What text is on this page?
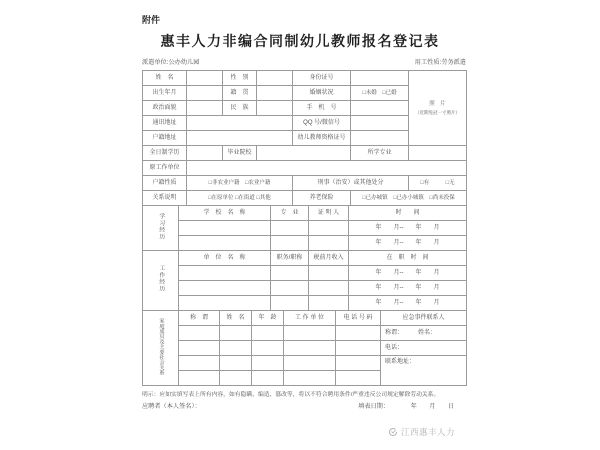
附件
惠丰人力非编合同制幼儿教师报名登记表
派遣单位:公办幼儿园	用工性质:劳务派遣
姓　名		性　别		身份证号		照　片
（近期免冠一寸照片）

出生年月		籍　贯		婚姻状况	□未婚　□已婚	
政治面貌		民　族		手　机　号		
通讯地址				QQ 号/微信号		
户籍地址				幼儿教师资格证号		
全日制学历		毕业院校			所学专业	
原工作单位						
户籍性质	□非农业户籍　□农业户籍			刑事（治安）或其他处分		□有　　　□无
关系说明	□在原单位 □在街道 □其他			养老保险	□已办城镇　□已办小城镇　□尚未投保	
学习经历	学　校　名　称	专　业	证 明 人	时　　间
				年　　月--　　年　　月
				年　　月--　　年　　月
工作经历	单　位　名　称	职务/职称	税前月收入	在　职　时　间
				年　　月--　　年　　月
				年　　月--　　年　　月
				年　　月--　　年　　月
家庭成员及主要社会关系	称　谓	姓　名	年　龄	工 作 单 位	电 话 号 码	应急事件联系人
						称谓：　　　姓名：
						电话：
						联系地址：

明示：应如实填写表上所有内容，如有隐瞒、编造、篡改等，将以不符合聘用条件/严重违反公司规定解除劳动关系。
应聘者（本人签名）：	填表日期：　　　　年　　月　　日
江西惠丰人力
